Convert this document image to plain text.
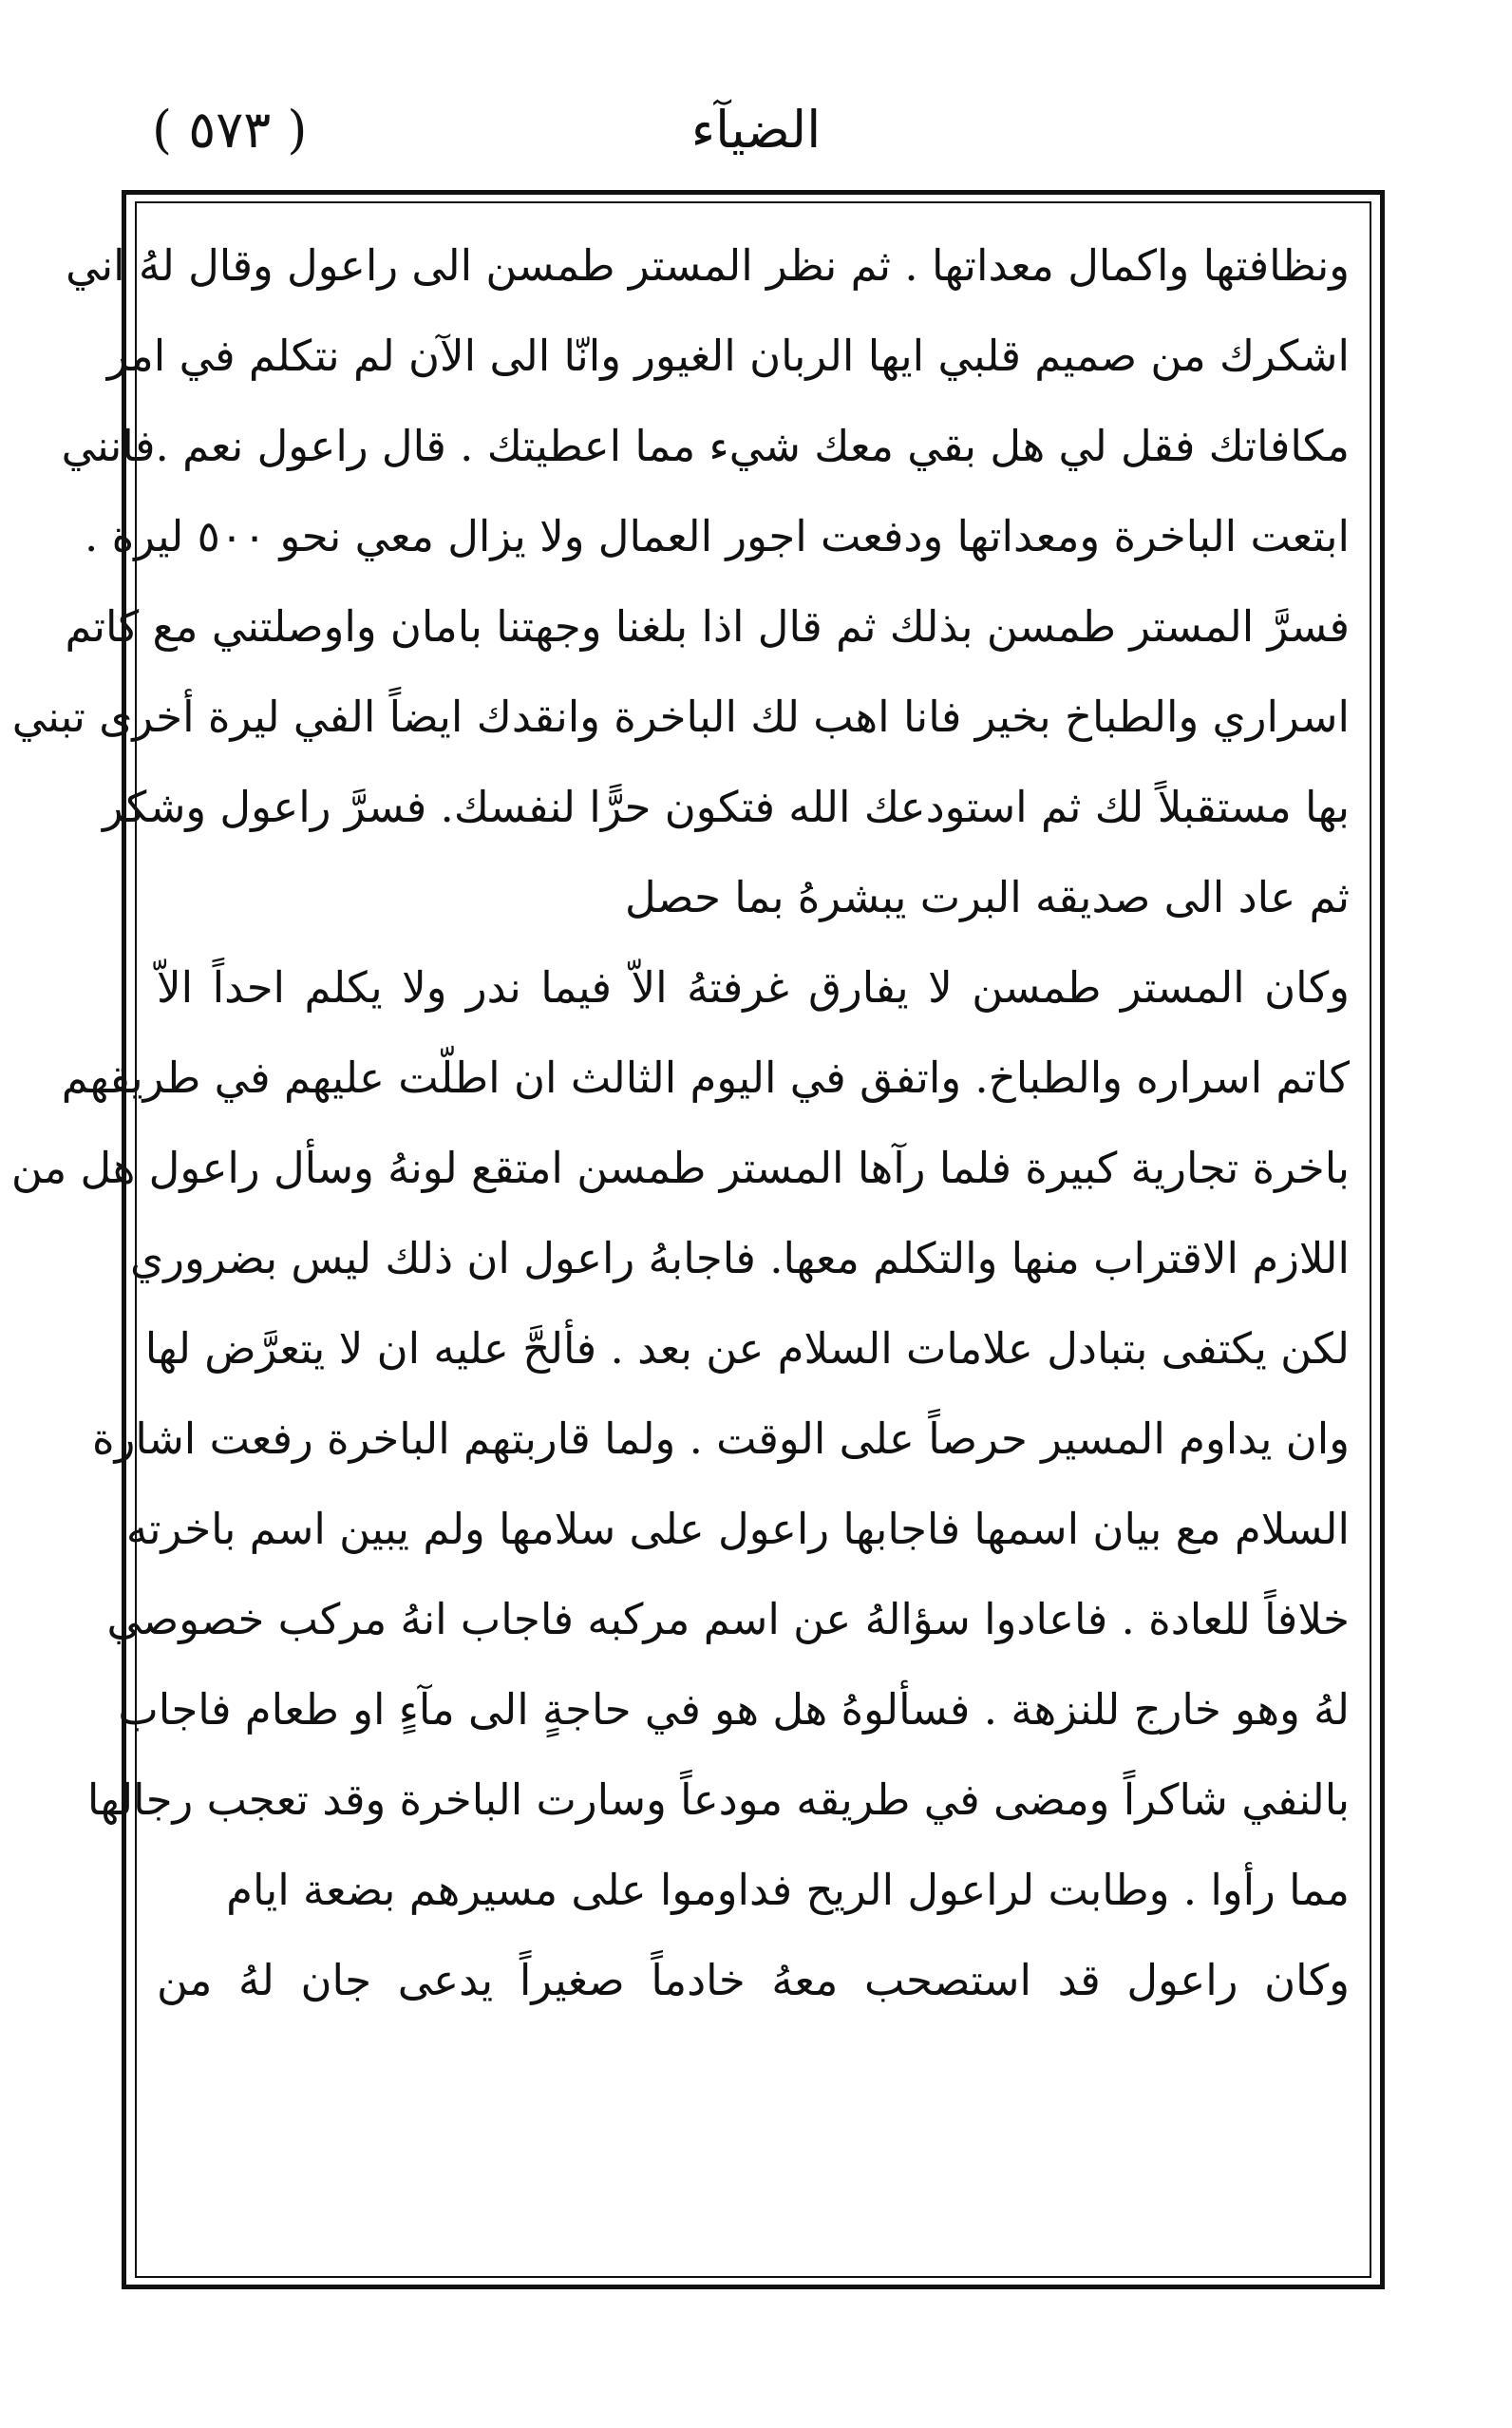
( ٥٧٣ )	الضيآء
ونظافتها واكمال معداتها . ثم نظر المستر طمسن الى راعول وقال لهُ اني
اشكرك من صميم قلبي ايها الربان الغيور وانّا الى الآن لم نتكلم في امر
مكافاتك فقل لي هل بقي معك شيء مما اعطيتك . قال راعول نعم .فانني
ابتعت الباخرة ومعداتها ودفعت اجور العمال ولا يزال معي نحو ٥٠٠ ليرة .
فسرَّ المستر طمسن بذلك ثم قال اذا بلغنا وجهتنا بامان واوصلتني مع كاتم
اسراري والطباخ بخير فانا اهب لك الباخرة وانقدك ايضاً الفي ليرة أخرى تبني
بها مستقبلاً لك ثم استودعك الله فتكون حرًّا لنفسك. فسرَّ راعول وشكر
ثم عاد الى صديقه البرت يبشرهُ بما حصل
وكان المستر طمسن لا يفارق غرفتهُ الاّ فيما ندر ولا يكلم احداً الاّ
كاتم اسراره والطباخ. واتفق في اليوم الثالث ان اطلّت عليهم في طريقهم
باخرة تجارية كبيرة فلما رآها المستر طمسن امتقع لونهُ وسأل راعول هل من
اللازم الاقتراب منها والتكلم معها. فاجابهُ راعول ان ذلك ليس بضروري
لكن يكتفى بتبادل علامات السلام عن بعد . فألحَّ عليه ان لا يتعرَّض لها
وان يداوم المسير حرصاً على الوقت . ولما قاربتهم الباخرة رفعت اشارة
السلام مع بيان اسمها فاجابها راعول على سلامها ولم يبين اسم باخرته
خلافاً للعادة . فاعادوا سؤالهُ عن اسم مركبه فاجاب انهُ مركب خصوصي
لهُ وهو خارج للنزهة . فسألوهُ هل هو في حاجةٍ الى مآءٍ او طعام فاجاب
بالنفي شاكراً ومضى في طريقه مودعاً وسارت الباخرة وقد تعجب رجالها
مما رأوا . وطابت لراعول الريح فداوموا على مسيرهم بضعة ايام
وكان راعول قد استصحب معهُ خادماً صغيراً يدعى جان لهُ من
